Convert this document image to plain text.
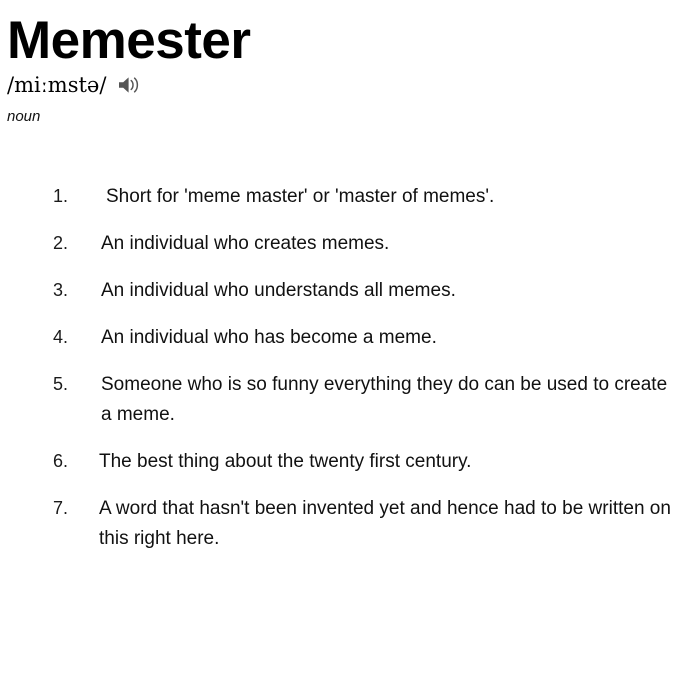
Memester
/miːmstə/
noun
1.	Short for 'meme master' or 'master of memes'.
2.	An individual who creates memes.
3.	An individual who understands all memes.
4.	An individual who has become a meme.
5.	Someone who is so funny everything they do can be used to create a meme.
6.	The best thing about the twenty first century.
7.	A word that hasn't been invented yet and hence had to be written on this right here.
